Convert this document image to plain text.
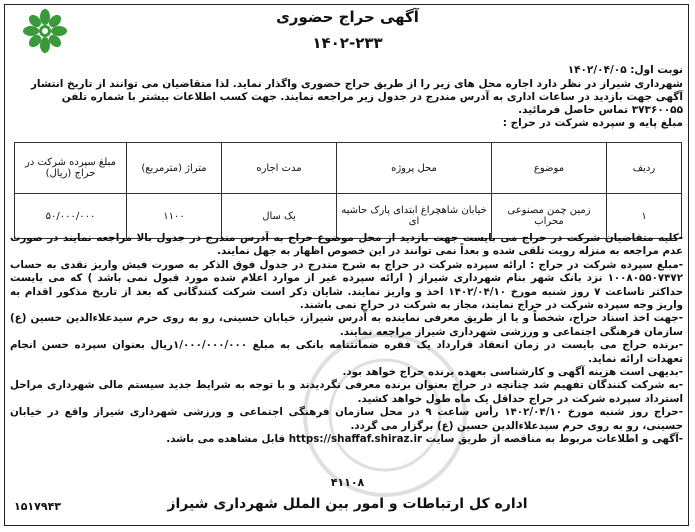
آگهی حراج حضوری
۱۴۰۲-۲۳۳
نوبت اول: ۱۴۰۲/۰۴/۰۵
شهرداری شیراز در نظر دارد اجاره محل های زیر را از طریق حراج حضوری واگذار نماید. لذا متقاضیان می توانند از تاریخ انتشار آگهی جهت بازدید در ساعات اداری به آدرس مندرج در جدول زیر مراجعه نمایند. جهت کسب اطلاعات بیشتر با شماره تلفن ۳۷۳۶۰۰۵۵ تماس حاصل فرمائید.
مبلغ پایه و سپرده شرکت در حراج :
ردیف	موضوع	محل پروژه	مدت اجاره	متراژ (مترمربع)	مبلغ سپرده شرکت در حراج (ریال)
۱	زمین چمن مصنوعی محراب	خیابان شاهچراغ ابتدای پارک حاشیه ای	یک سال	۱۱۰۰	۵۰/۰۰۰/۰۰۰

-کلیه متقاضیان شرکت در حراج می بایست جهت بازدید از محل موضوع حراج به آدرس مندرج در جدول بالا مراجعه نمایند در صورت عدم مراجعه به منزله رویت تلقی شده و بعداً نمی توانند در این خصوص اظهار به جهل نمایند.

-مبلغ سپرده شرکت در حراج : ارائه سپرده شرکت در حراج به شرح مندرج در جدول فوق الذکر به صورت فیش واریز نقدی به حساب ۱۰۰۸۰۵۵۰۷۴۷۲ نزد بانک شهر بنام شهرداری شیراز ( ارائه سپرده غیر از موارد اعلام شده مورد قبول نمی باشد ) که می بایست حداکثر تاساعت ۷ روز شنبه مورخ ۱۴۰۲/۰۴/۱۰ اخذ و واریز نمایند. شایان ذکر است شرکت کنندگانی که بعد از تاریخ مذکور اقدام به واریز وجه سپرده شرکت در حراج نمایند، مجاز به شرکت در حراج نمی باشند.

-جهت اخذ اسناد حراج، شخصاً و یا از طریق معرفی نماینده به آدرس شیراز، خیابان حسینی، رو به روی حرم سیدعلاءالدین حسین (ع) سازمان فرهنگی اجتماعی و ورزشی شهرداری شیراز مراجعه نمایند.

-برنده حراج می بایست در زمان انعقاد قرارداد یک فقره ضمانتنامه بانکی به مبلغ ۱/۰۰۰/۰۰۰/۰۰۰ریال بعنوان سپرده حسن انجام تعهدات ارائه نماید.

-بدیهی است هزینه آگهی و کارشناسی بعهده برنده حراج خواهد بود.

-به شرکت کنندگان تفهیم شد چنانچه در حراج بعنوان برنده معرفی نگردیدند و با توجه به شرایط جدید سیستم مالی شهرداری مراحل استرداد سپرده شرکت در حراج حداقل یک ماه طول خواهد کشید.

-حراج روز شنبه مورخ ۱۴۰۲/۰۴/۱۰ رأس ساعت ۹ در محل سازمان فرهنگی اجتماعی و ورزشی شهرداری شیراز واقع در خیابان حسینی، رو به روی حرم سیدعلاءالدین حسین (ع) برگزار می گردد.

-آگهی و اطلاعات مربوط به مناقصه از طریق سایت https://shaffaf.shiraz.ir قابل مشاهده می باشد.

۴۱۱۰۸
اداره کل ارتباطات و امور بین الملل شهرداری شیراز
۱۵۱۷۹۴۳
